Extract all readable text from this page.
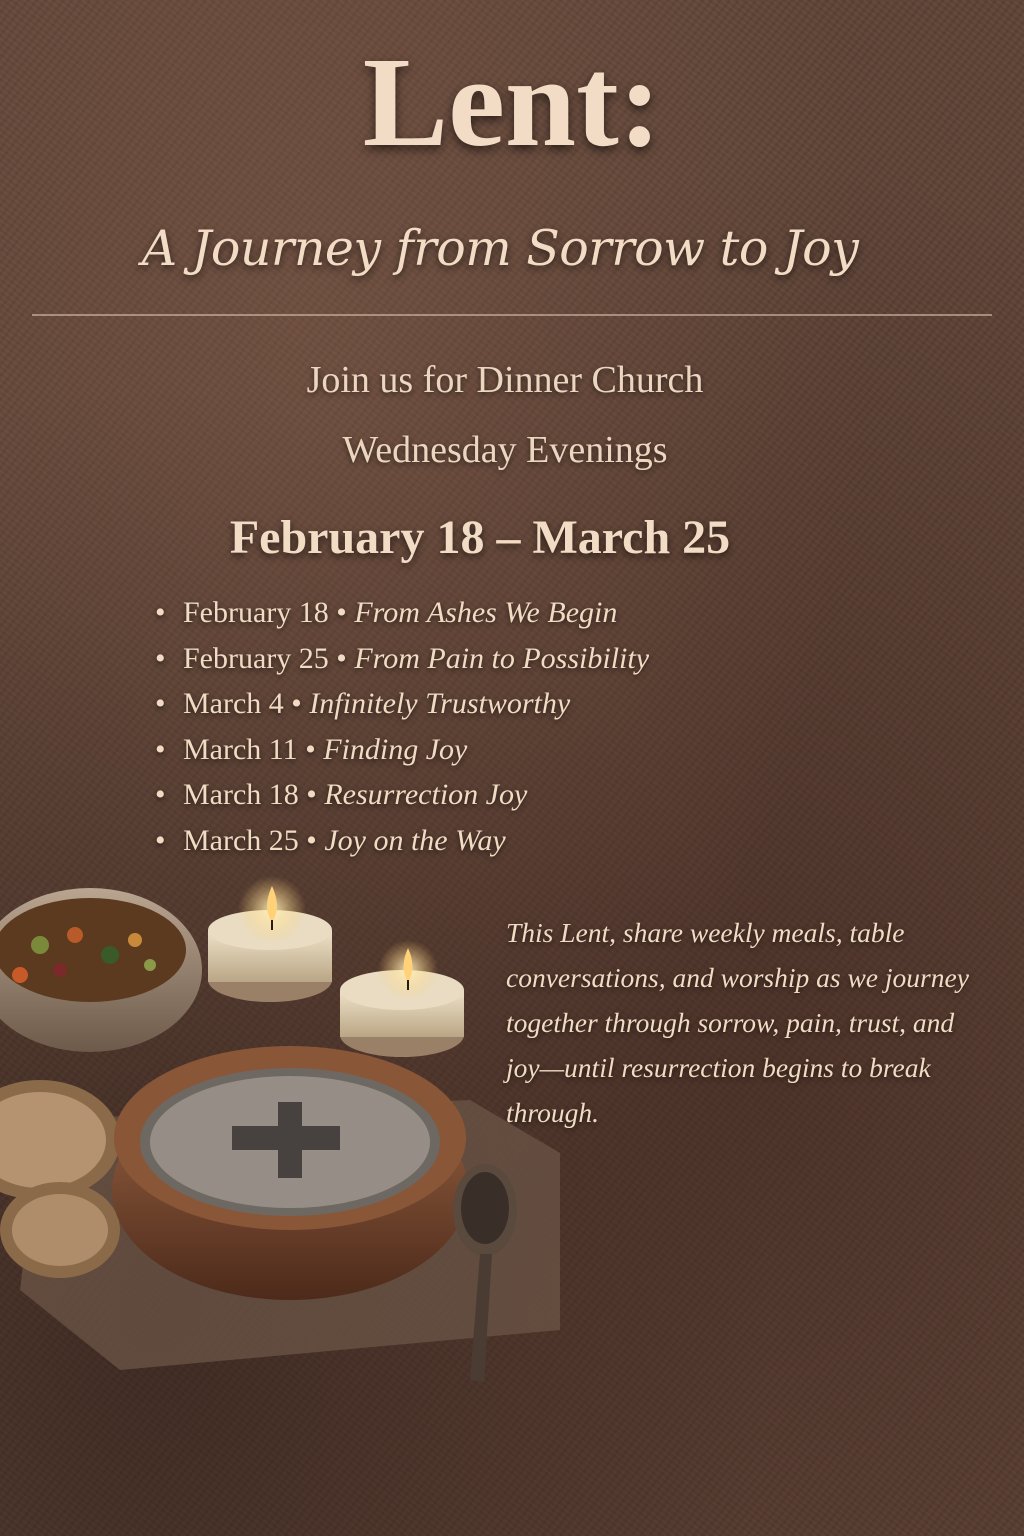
Lent:
A Journey from Sorrow to Joy
Join us for Dinner Church
Wednesday Evenings
February 18 – March 25
• February 18 • From Ashes We Begin
• February 25 • From Pain to Possibility
• March 4 • Infinitely Trustworthy
• March 11 • Finding Joy
• March 18 • Resurrection Joy
• March 25 • Joy on the Way
This Lent, share weekly meals, table conversations, and worship as we journey together through sorrow, pain, trust, and joy—until resurrection begins to break through.
